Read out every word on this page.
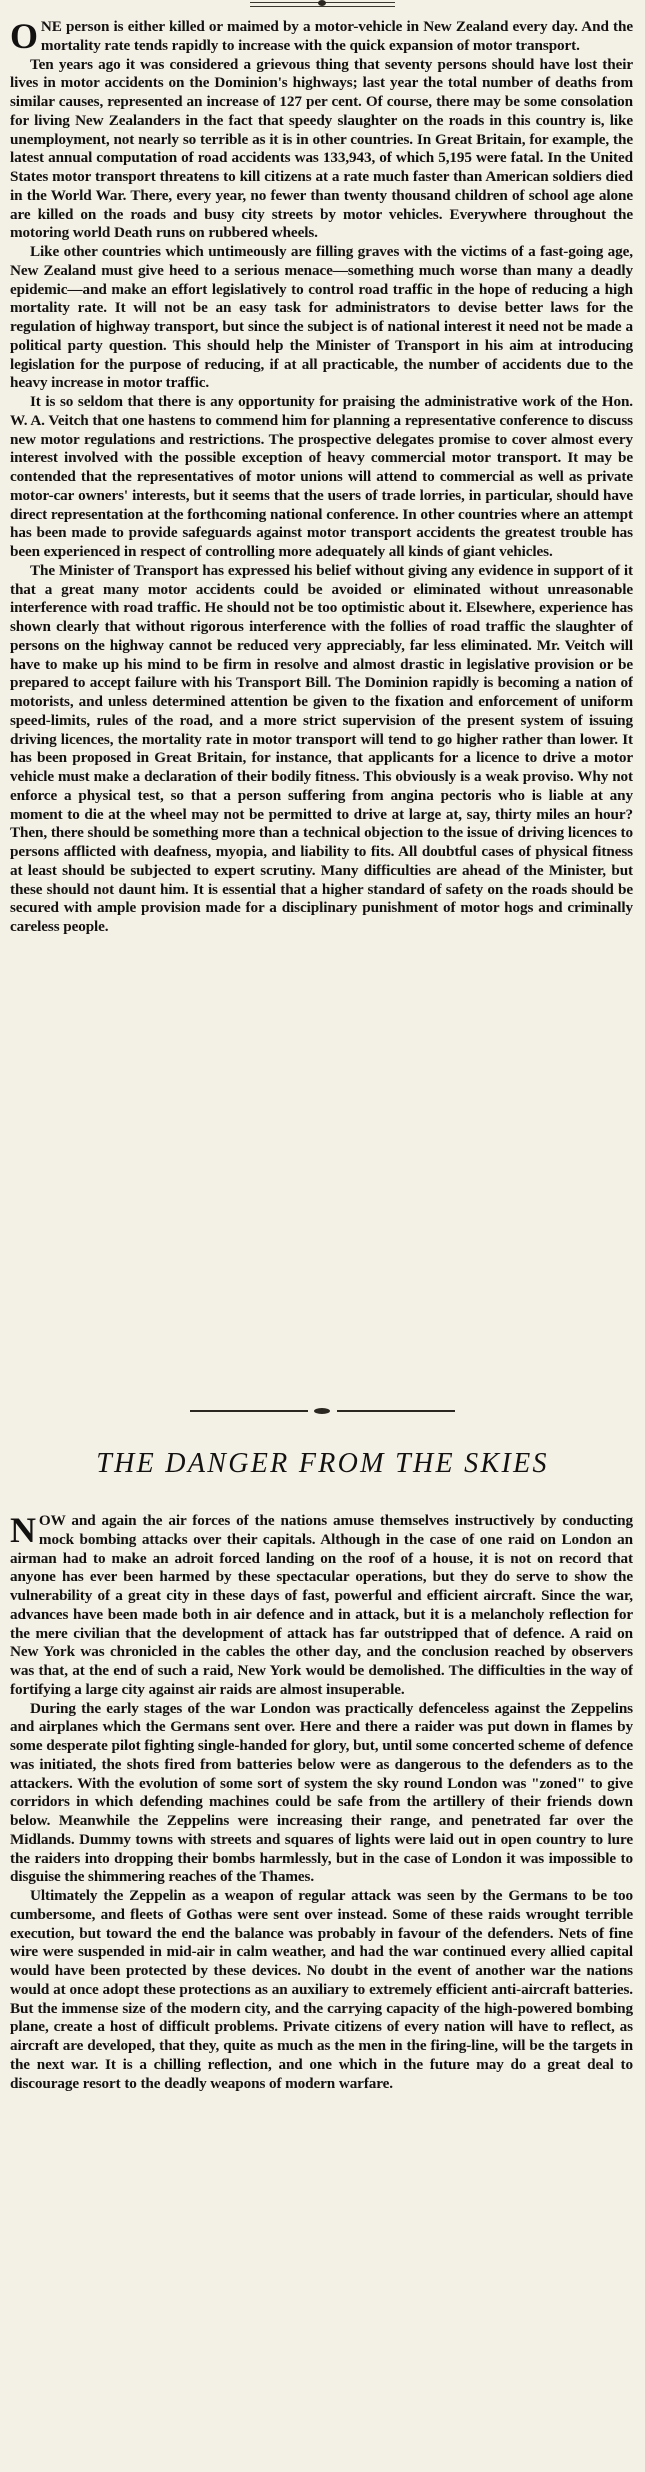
ONE person is either killed or maimed by a motor-vehicle in New Zealand every day. And the mortality rate tends rapidly to increase with the quick expansion of motor transport.

Ten years ago it was considered a grievous thing that seventy persons should have lost their lives in motor accidents on the Dominion's highways; last year the total number of deaths from similar causes, represented an increase of 127 per cent. Of course, there may be some consolation for living New Zealanders in the fact that speedy slaughter on the roads in this country is, like unemployment, not nearly so terrible as it is in other countries. In Great Britain, for example, the latest annual computation of road accidents was 133,943, of which 5,195 were fatal. In the United States motor transport threatens to kill citizens at a rate much faster than American soldiers died in the World War. There, every year, no fewer than twenty thousand children of school age alone are killed on the roads and busy city streets by motor vehicles. Everywhere throughout the motoring world Death runs on rubbered wheels.

Like other countries which untimeously are filling graves with the victims of a fast-going age, New Zealand must give heed to a serious menace—something much worse than many a deadly epidemic—and make an effort legislatively to control road traffic in the hope of reducing a high mortality rate. It will not be an easy task for administrators to devise better laws for the regulation of highway transport, but since the subject is of national interest it need not be made a political party question. This should help the Minister of Transport in his aim at introducing legislation for the purpose of reducing, if at all practicable, the number of accidents due to the heavy increase in motor traffic.

It is so seldom that there is any opportunity for praising the administrative work of the Hon. W. A. Veitch that one hastens to commend him for planning a representative conference to discuss new motor regulations and restrictions. The prospective delegates promise to cover almost every interest involved with the possible exception of heavy commercial motor transport. It may be contended that the representatives of motor unions will attend to commercial as well as private motor-car owners' interests, but it seems that the users of trade lorries, in particular, should have direct representation at the forthcoming national conference. In other countries where an attempt has been made to provide safeguards against motor transport accidents the greatest trouble has been experienced in respect of controlling more adequately all kinds of giant vehicles.

The Minister of Transport has expressed his belief without giving any evidence in support of it that a great many motor accidents could be avoided or eliminated without unreasonable interference with road traffic. He should not be too optimistic about it. Elsewhere, experience has shown clearly that without rigorous interference with the follies of road traffic the slaughter of persons on the highway cannot be reduced very appreciably, far less eliminated. Mr. Veitch will have to make up his mind to be firm in resolve and almost drastic in legislative provision or be prepared to accept failure with his Transport Bill. The Dominion rapidly is becoming a nation of motorists, and unless determined attention be given to the fixation and enforcement of uniform speed-limits, rules of the road, and a more strict supervision of the present system of issuing driving licences, the mortality rate in motor transport will tend to go higher rather than lower. It has been proposed in Great Britain, for instance, that applicants for a licence to drive a motor vehicle must make a declaration of their bodily fitness. This obviously is a weak proviso. Why not enforce a physical test, so that a person suffering from angina pectoris who is liable at any moment to die at the wheel may not be permitted to drive at large at, say, thirty miles an hour? Then, there should be something more than a technical objection to the issue of driving licences to persons afflicted with deafness, myopia, and liability to fits. All doubtful cases of physical fitness at least should be subjected to expert scrutiny. Many difficulties are ahead of the Minister, but these should not daunt him. It is essential that a higher standard of safety on the roads should be secured with ample provision made for a disciplinary punishment of motor hogs and criminally careless people.

THE DANGER FROM THE SKIES

NOW and again the air forces of the nations amuse themselves instructively by conducting mock bombing attacks over their capitals. Although in the case of one raid on London an airman had to make an adroit forced landing on the roof of a house, it is not on record that anyone has ever been harmed by these spectacular operations, but they do serve to show the vulnerability of a great city in these days of fast, powerful and efficient aircraft. Since the war, advances have been made both in air defence and in attack, but it is a melancholy reflection for the mere civilian that the development of attack has far outstripped that of defence. A raid on New York was chronicled in the cables the other day, and the conclusion reached by observers was that, at the end of such a raid, New York would be demolished. The difficulties in the way of fortifying a large city against air raids are almost insuperable.

During the early stages of the war London was practically defenceless against the Zeppelins and airplanes which the Germans sent over. Here and there a raider was put down in flames by some desperate pilot fighting single-handed for glory, but, until some concerted scheme of defence was initiated, the shots fired from batteries below were as dangerous to the defenders as to the attackers. With the evolution of some sort of system the sky round London was "zoned" to give corridors in which defending machines could be safe from the artillery of their friends down below. Meanwhile the Zeppelins were increasing their range, and penetrated far over the Midlands. Dummy towns with streets and squares of lights were laid out in open country to lure the raiders into dropping their bombs harmlessly, but in the case of London it was impossible to disguise the shimmering reaches of the Thames.

Ultimately the Zeppelin as a weapon of regular attack was seen by the Germans to be too cumbersome, and fleets of Gothas were sent over instead. Some of these raids wrought terrible execution, but toward the end the balance was probably in favour of the defenders. Nets of fine wire were suspended in mid-air in calm weather, and had the war continued every allied capital would have been protected by these devices. No doubt in the event of another war the nations would at once adopt these protections as an auxiliary to extremely efficient anti-aircraft batteries. But the immense size of the modern city, and the carrying capacity of the high-powered bombing plane, create a host of difficult problems. Private citizens of every nation will have to reflect, as aircraft are developed, that they, quite as much as the men in the firing-line, will be the targets in the next war. It is a chilling reflection, and one which in the future may do a great deal to discourage resort to the deadly weapons of modern warfare.
